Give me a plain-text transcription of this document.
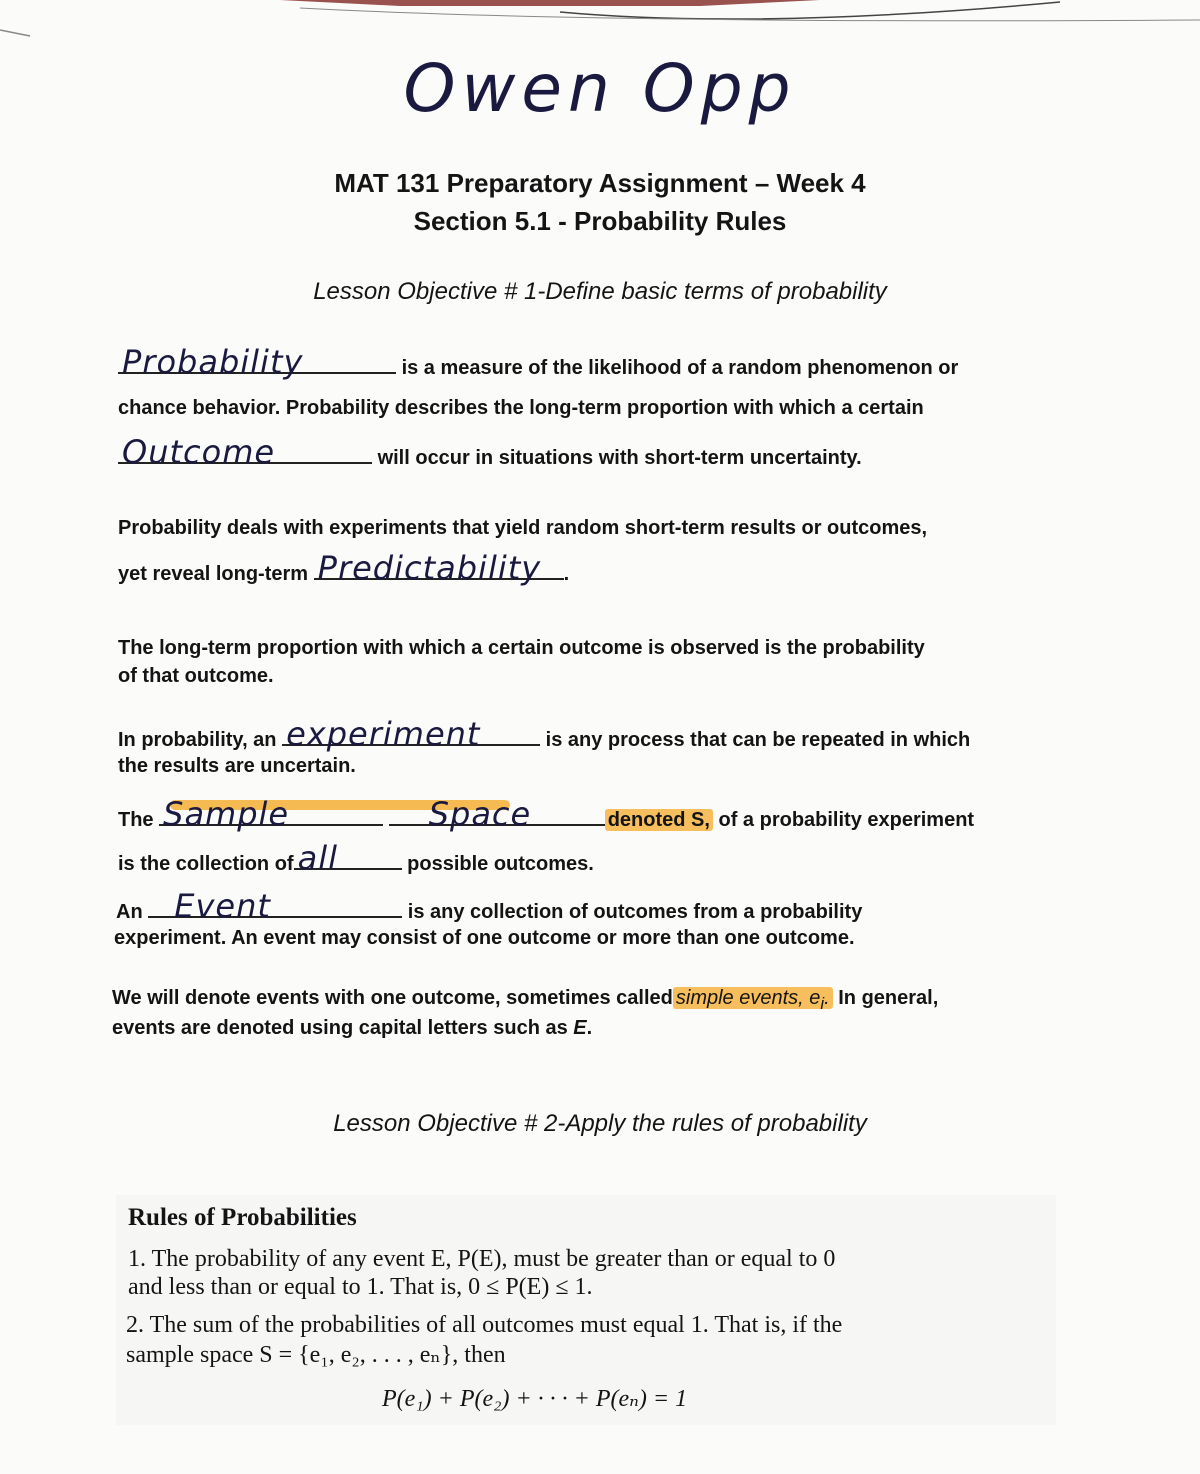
Owen Opp
MAT 131 Preparatory Assignment – Week 4
Section 5.1 - Probability Rules
Lesson Objective # 1-Define basic terms of probability
Probability	is a measure of the likelihood of a random phenomenon or
chance behavior. Probability describes the long-term proportion with which a certain
Outcome	will occur in situations with short-term uncertainty.
Probability deals with experiments that yield random short-term results or outcomes,
yet reveal long-term Predictability .
The long-term proportion with which a certain outcome is observed is the probability
of that outcome.
In probability, an experiment	is any process that can be repeated in which
the results are uncertain.
The Sample
	Space	denoted S, of a probability experiment
is the collection of all	possible outcomes.
An Event	is any collection of outcomes from a probability
experiment. An event may consist of one outcome or more than one outcome.
We will denote events with one outcome, sometimes called simple events, $e_i$. In general,
events are denoted using capital letters such as E.
Lesson Objective # 2-Apply the rules of probability
Rules of Probabilities
1. The probability of any event E, P(E), must be greater than or equal to 0
and less than or equal to 1. That is, 0 ≤ P(E) ≤ 1.
2. The sum of the probabilities of all outcomes must equal 1. That is, if the
sample space S = {e₁, e₂, . . . , eₙ}, then
P(e₁) + P(e₂) + · · · + P(eₙ) = 1
